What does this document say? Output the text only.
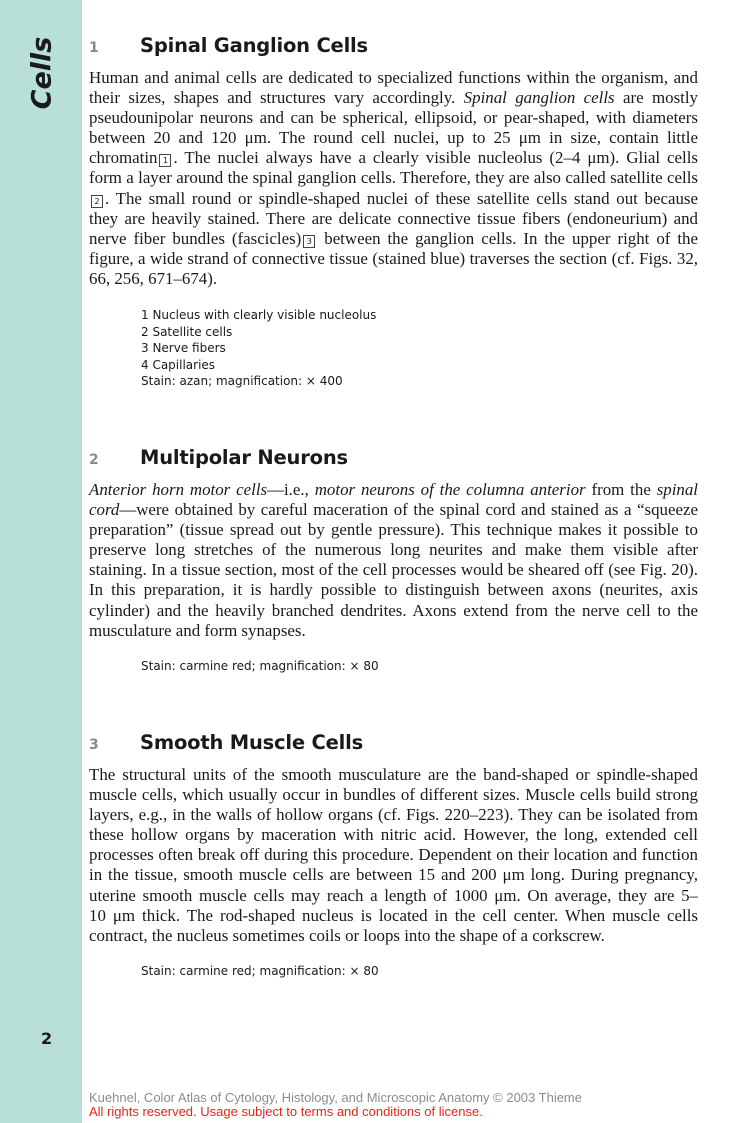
Cells
2
1	Spinal Ganglion Cells

Human and animal cells are dedicated to specialized functions within the organism, and their sizes, shapes and structures vary accordingly. Spinal ganglion cells are mostly pseudounipolar neurons and can be spherical, ellipsoid, or pear-shaped, with diameters between 20 and 120 μm. The round cell nuclei, up to 25 μm in size, contain little chromatin 1 . The nuclei always have a clearly visible nucleolus (2–4 μm). Glial cells form a layer around the spinal ganglion cells. Therefore, they are also called satellite cells2 . The small round or spindle-shaped nuclei of these satellite cells stand out because they are heavily stained. There are delicate connective tissue fibers (endoneurium) and nerve fiber bundles (fascicles) 3 between the ganglion cells. In the upper right of the figure, a wide strand of connective tissue (stained blue) traverses the section (cf. Figs. 32, 66, 256, 671–674).

1 Nucleus with clearly visible nucleolus
2 Satellite cells
3 Nerve fibers
4 Capillaries
Stain: azan; magnification: × 400
2	Multipolar Neurons

Anterior horn motor cells—i.e., motor neurons of the columna anterior from the spinal cord—were obtained by careful maceration of the spinal cord and stained as a “squeeze preparation” (tissue spread out by gentle pressure). This technique makes it possible to preserve long stretches of the numerous long neurites and make them visible after staining. In a tissue section, most of the cell processes would be sheared off (see Fig. 20). In this preparation, it is hardly possible to distinguish between axons (neurites, axis cylinder) and the heavily branched dendrites. Axons extend from the nerve cell to the musculature and form synapses.

Stain: carmine red; magnification: × 80
3	Smooth Muscle Cells

The structural units of the smooth musculature are the band-shaped or spindle-shaped muscle cells, which usually occur in bundles of different sizes. Muscle cells build strong layers, e.g., in the walls of hollow organs (cf. Figs. 220–223). They can be isolated from these hollow organs by maceration with nitric acid. However, the long, extended cell processes often break off during this procedure. Dependent on their location and function in the tissue, smooth muscle cells are between 15 and 200 μm long. During pregnancy, uterine smooth muscle cells may reach a length of 1000 μm. On average, they are 5–10 μm thick. The rod-shaped nucleus is located in the cell center. When muscle cells contract, the nucleus sometimes coils or loops into the shape of a corkscrew.

Stain: carmine red; magnification: × 80
Kuehnel, Color Atlas of Cytology, Histology, and Microscopic Anatomy © 2003 Thieme
All rights reserved. Usage subject to terms and conditions of license.
